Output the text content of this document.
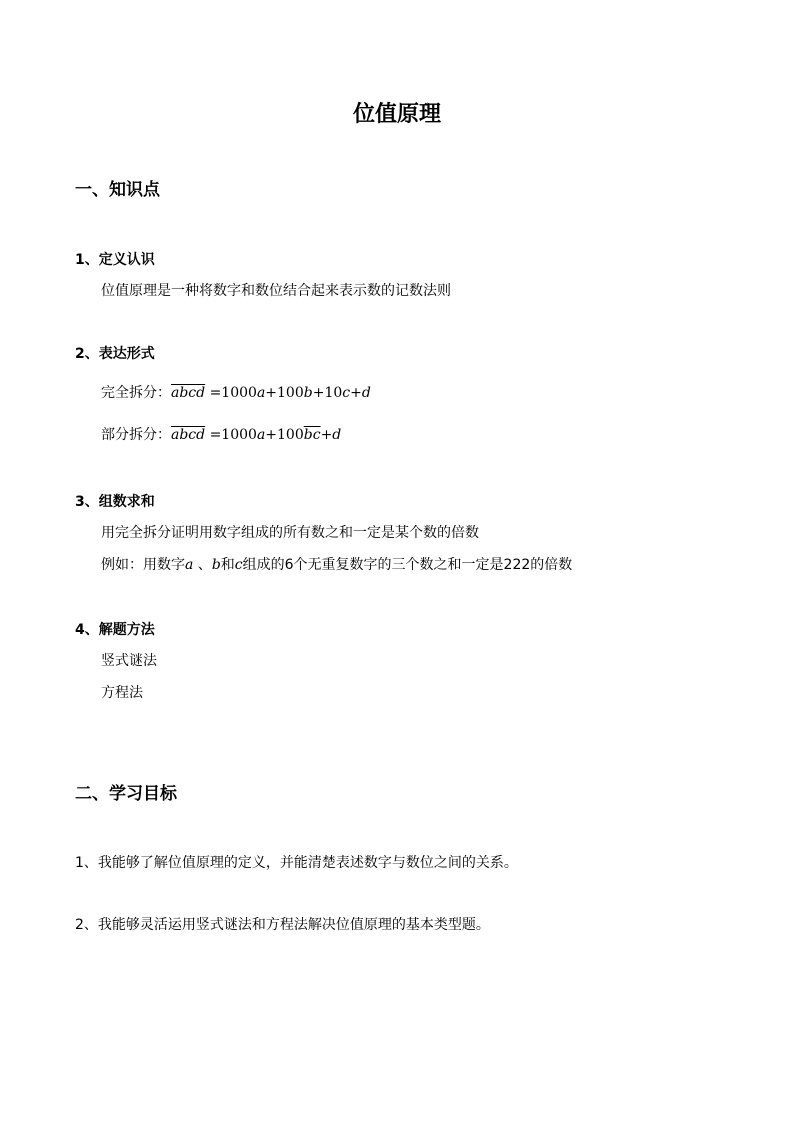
位值原理
一、知识点
1、定义认识
位值原理是一种将数字和数位结合起来表示数的记数法则
2、表达形式
完全拆分：abcd =1000a+100b+10c+d
部分拆分：abcd $=1000a+100\overline{bc}+d$
3、组数求和
用完全拆分证明用数字组成的所有数之和一定是某个数的倍数
例如：用数字a 、b和c组成的6个无重复数字的三个数之和一定是222的倍数
4、解题方法
竖式谜法
方程法
二、学习目标
1、我能够了解位值原理的定义，并能清楚表述数字与数位之间的关系。
2、我能够灵活运用竖式谜法和方程法解决位值原理的基本类型题。
